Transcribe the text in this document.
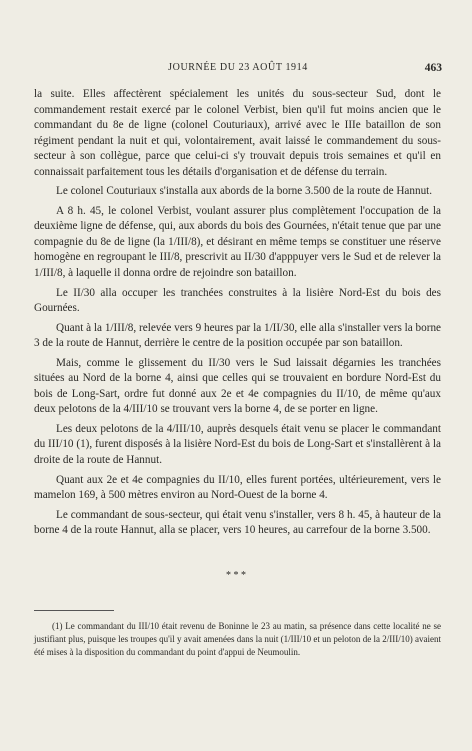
JOURNÉE DU 23 AOÛT 1914	463

la suite. Elles affectèrent spécialement les unités du sous-secteur Sud, dont le commandement restait exercé par le colonel Verbist, bien qu'il fut moins ancien que le commandant du 8e de ligne (colonel Couturiaux), arrivé avec le IIIe bataillon de son régiment pendant la nuit et qui, volontairement, avait laissé le commandement du sous-secteur à son collègue, parce que celui-ci s'y trouvait depuis trois semaines et qu'il en connaissait parfaitement tous les détails d'organisation et de défense du terrain.

Le colonel Couturiaux s'installa aux abords de la borne 3.500 de la route de Hannut.

A 8 h. 45, le colonel Verbist, voulant assurer plus complètement l'occupation de la deuxième ligne de défense, qui, aux abords du bois des Gournées, n'était tenue que par une compagnie du 8e de ligne (la 1/III/8), et désirant en même temps se constituer une réserve homogène en regroupant le III/8, prescrivit au II/30 d'apppuyer vers le Sud et de relever la 1/III/8, à laquelle il donna ordre de rejoindre son bataillon.

Le II/30 alla occuper les tranchées construites à la lisière Nord-Est du bois des Gournées.

Quant à la 1/III/8, relevée vers 9 heures par la 1/II/30, elle alla s'installer vers la borne 3 de la route de Hannut, derrière le centre de la position occupée par son bataillon.

Mais, comme le glissement du II/30 vers le Sud laissait dégarnies les tranchées situées au Nord de la borne 4, ainsi que celles qui se trouvaient en bordure Nord-Est du bois de Long-Sart, ordre fut donné aux 2e et 4e compagnies du II/10, de même qu'aux deux pelotons de la 4/III/10 se trouvant vers la borne 4, de se porter en ligne.

Les deux pelotons de la 4/III/10, auprès desquels était venu se placer le commandant du III/10 (1), furent disposés à la lisière Nord-Est du bois de Long-Sart et s'installèrent à la droite de la route de Hannut.

Quant aux 2e et 4e compagnies du II/10, elles furent portées, ultérieurement, vers le mamelon 169, à 500 mètres environ au Nord-Ouest de la borne 4.

Le commandant de sous-secteur, qui était venu s'installer, vers 8 h. 45, à hauteur de la borne 4 de la route Hannut, alla se placer, vers 10 heures, au carrefour de la borne 3.500.

* * *
(1) Le commandant du III/10 était revenu de Boninne le 23 au matin, sa présence dans cette localité ne se justifiant plus, puisque les troupes qu'il y avait amenées dans la nuit (1/III/10 et un peloton de la 2/III/10) avaient été mises à la disposition du commandant du point d'appui de Neumoulin.
